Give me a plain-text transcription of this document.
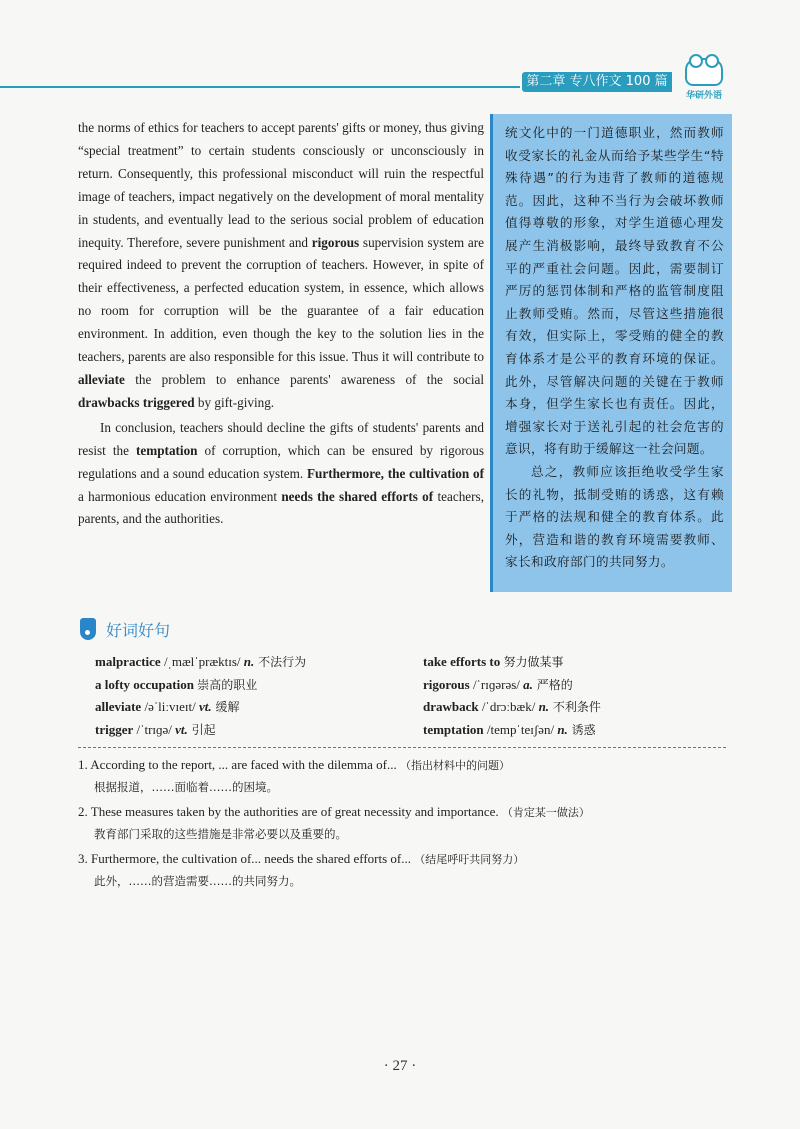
第二章 专八作文 100 篇
华研外语

the norms of ethics for teachers to accept parents' gifts or money, thus giving “special treatment” to certain students consciously or unconsciously in return. Consequently, this professional misconduct will ruin the respectful image of teachers, impact negatively on the development of moral mentality in students, and eventually lead to the serious social problem of education inequity. Therefore, severe punishment and rigorous supervision system are required indeed to prevent the corruption of teachers. However, in spite of their effectiveness, a perfected education system, in essence, which allows no room for corruption will be the guarantee of a fair education environment. In addition, even though the key to the solution lies in the teachers, parents are also responsible for this issue. Thus it will contribute to alleviate the problem to enhance parents' awareness of the social drawbacks triggered by gift-giving.

In conclusion, teachers should decline the gifts of students' parents and resist the temptation of corruption, which can be ensured by rigorous regulations and a sound education system. Furthermore, the cultivation of a harmonious education environment needs the shared efforts of teachers, parents, and the authorities.

统文化中的一门道德职业，然而教师收受家长的礼金从而给予某些学生“特殊待遇”的行为违背了教师的道德规范。因此，这种不当行为会破坏教师值得尊敬的形象，对学生道德心理发展产生消极影响，最终导致教育不公平的严重社会问题。因此，需要制订严厉的惩罚体制和严格的监管制度阻止教师受贿。然而，尽管这些措施很有效，但实际上，零受贿的健全的教育体系才是公平的教育环境的保证。此外，尽管解决问题的关键在于教师本身，但学生家长也有责任。因此，增强家长对于送礼引起的社会危害的意识，将有助于缓解这一社会问题。

总之，教师应该拒绝收受学生家长的礼物，抵制受贿的诱惑，这有赖于严格的法规和健全的教育体系。此外，营造和谐的教育环境需要教师、家长和政府部门的共同努力。

好词好句
malpractice /ˌmælˈpræktɪs/ n. 不法行为	take efforts to 努力做某事
a lofty occupation 崇高的职业	rigorous /ˈrɪɡərəs/ a. 严格的
alleviate /əˈliːvɪeɪt/ vt. 缓解	drawback /ˈdrɔːbæk/ n. 不利条件
trigger /ˈtrɪɡə/ vt. 引起	temptation /tempˈteɪʃən/ n. 诱惑
1. According to the report, ... are faced with the dilemma of... （指出材料中的问题）
根据报道，……面临着……的困境。
2. These measures taken by the authorities are of great necessity and importance. （肯定某一做法）
教育部门采取的这些措施是非常必要以及重要的。
3. Furthermore, the cultivation of... needs the shared efforts of... （结尾呼吁共同努力）
此外，……的营造需要……的共同努力。
· 27 ·
